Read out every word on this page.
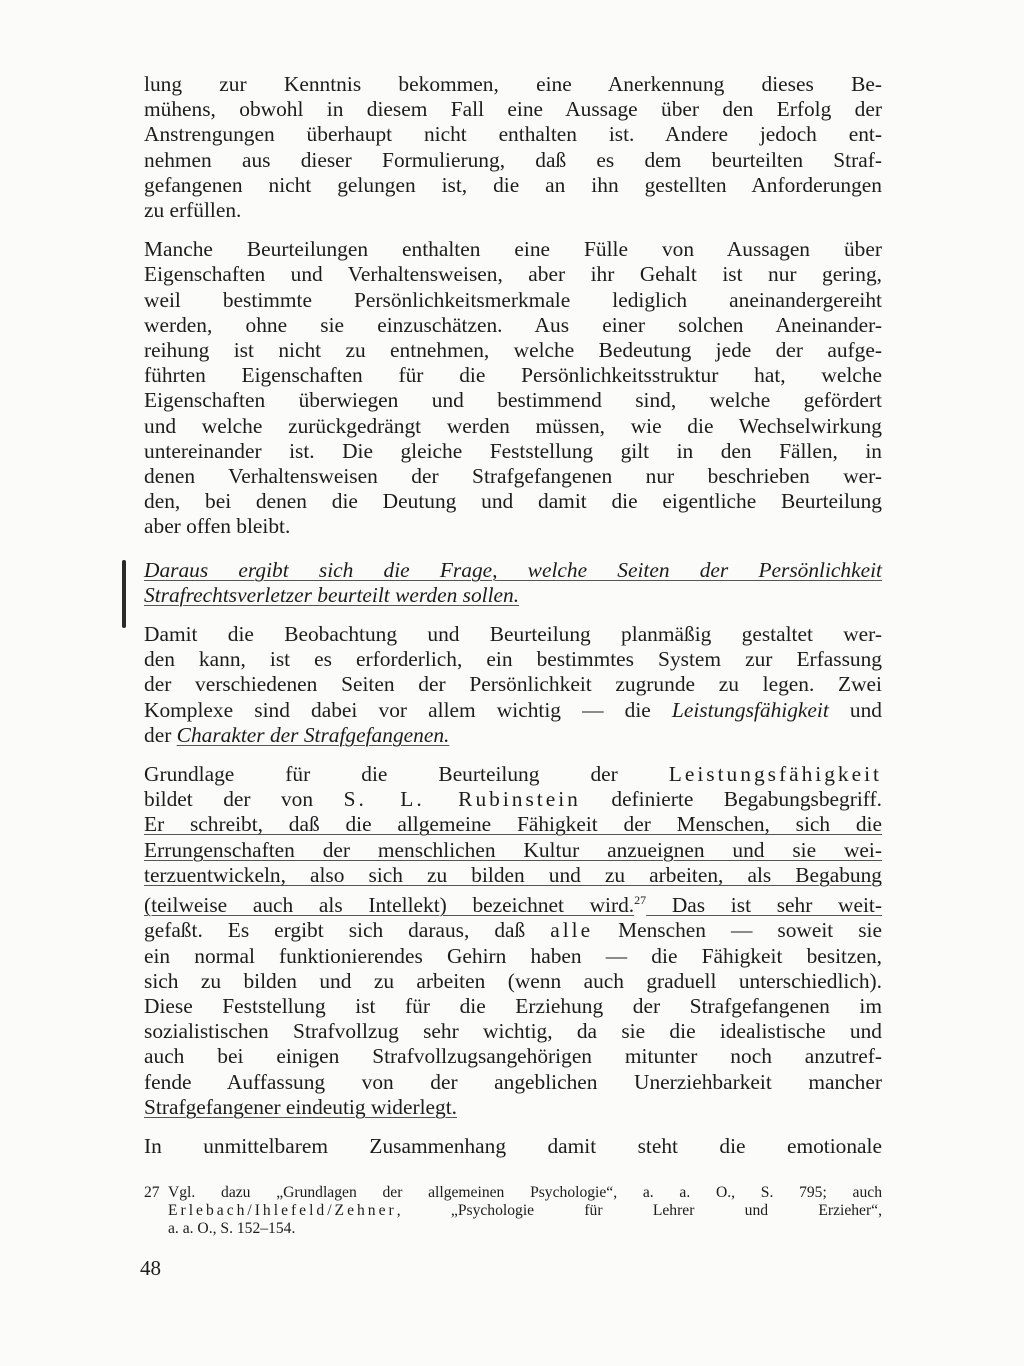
lung zur Kenntnis bekommen, eine Anerkennung dieses Be-
mühens, obwohl in diesem Fall eine Aussage über den Erfolg der
Anstrengungen überhaupt nicht enthalten ist. Andere jedoch ent-
nehmen aus dieser Formulierung, daß es dem beurteilten Straf-
gefangenen nicht gelungen ist, die an ihn gestellten Anforderungen
zu erfüllen.

Manche Beurteilungen enthalten eine Fülle von Aussagen über
Eigenschaften und Verhaltensweisen, aber ihr Gehalt ist nur gering,
weil bestimmte Persönlichkeitsmerkmale lediglich aneinandergereiht
werden, ohne sie einzuschätzen. Aus einer solchen Aneinander-
reihung ist nicht zu entnehmen, welche Bedeutung jede der aufge-
führten Eigenschaften für die Persönlichkeitsstruktur hat, welche
Eigenschaften überwiegen und bestimmend sind, welche gefördert
und welche zurückgedrängt werden müssen, wie die Wechselwirkung
untereinander ist. Die gleiche Feststellung gilt in den Fällen, in
denen Verhaltensweisen der Strafgefangenen nur beschrieben wer-
den, bei denen die Deutung und damit die eigentliche Beurteilung
aber offen bleibt.

Daraus ergibt sich die Frage, welche Seiten der Persönlichkeit
Strafrechtsverletzer beurteilt werden sollen.

Damit die Beobachtung und Beurteilung planmäßig gestaltet wer-
den kann, ist es erforderlich, ein bestimmtes System zur Erfassung
der verschiedenen Seiten der Persönlichkeit zugrunde zu legen. Zwei
Komplexe sind dabei vor allem wichtig — die Leistungsfähigkeit und
der Charakter der Strafgefangenen.

Grundlage für die Beurteilung der Leistungsfähigkeit
bildet der von S. L. Rubinstein definierte Begabungsbegriff.
Er schreibt, daß die allgemeine Fähigkeit der Menschen, sich die
Errungenschaften der menschlichen Kultur anzueignen und sie wei-
terzuentwickeln, also sich zu bilden und zu arbeiten, als Begabung
(teilweise auch als Intellekt) bezeichnet wird.$^{27}$ Das ist sehr weit-
gefaßt. Es ergibt sich daraus, daß alle Menschen — soweit sie
ein normal funktionierendes Gehirn haben — die Fähigkeit besitzen,
sich zu bilden und zu arbeiten (wenn auch graduell unterschiedlich).
Diese Feststellung ist für die Erziehung der Strafgefangenen im
sozialistischen Strafvollzug sehr wichtig, da sie die idealistische und
auch bei einigen Strafvollzugsangehörigen mitunter noch anzutref-
fende Auffassung von der angeblichen Unerziehbarkeit mancher
Strafgefangener eindeutig widerlegt.

In unmittelbarem Zusammenhang damit steht die emotionale

27 Vgl. dazu „Grundlagen der allgemeinen Psychologie“, a. a. O., S. 795; auch
Erlebach/Ihlefeld/Zehner, „Psychologie für Lehrer und Erzieher“,
a. a. O., S. 152–154.
48
